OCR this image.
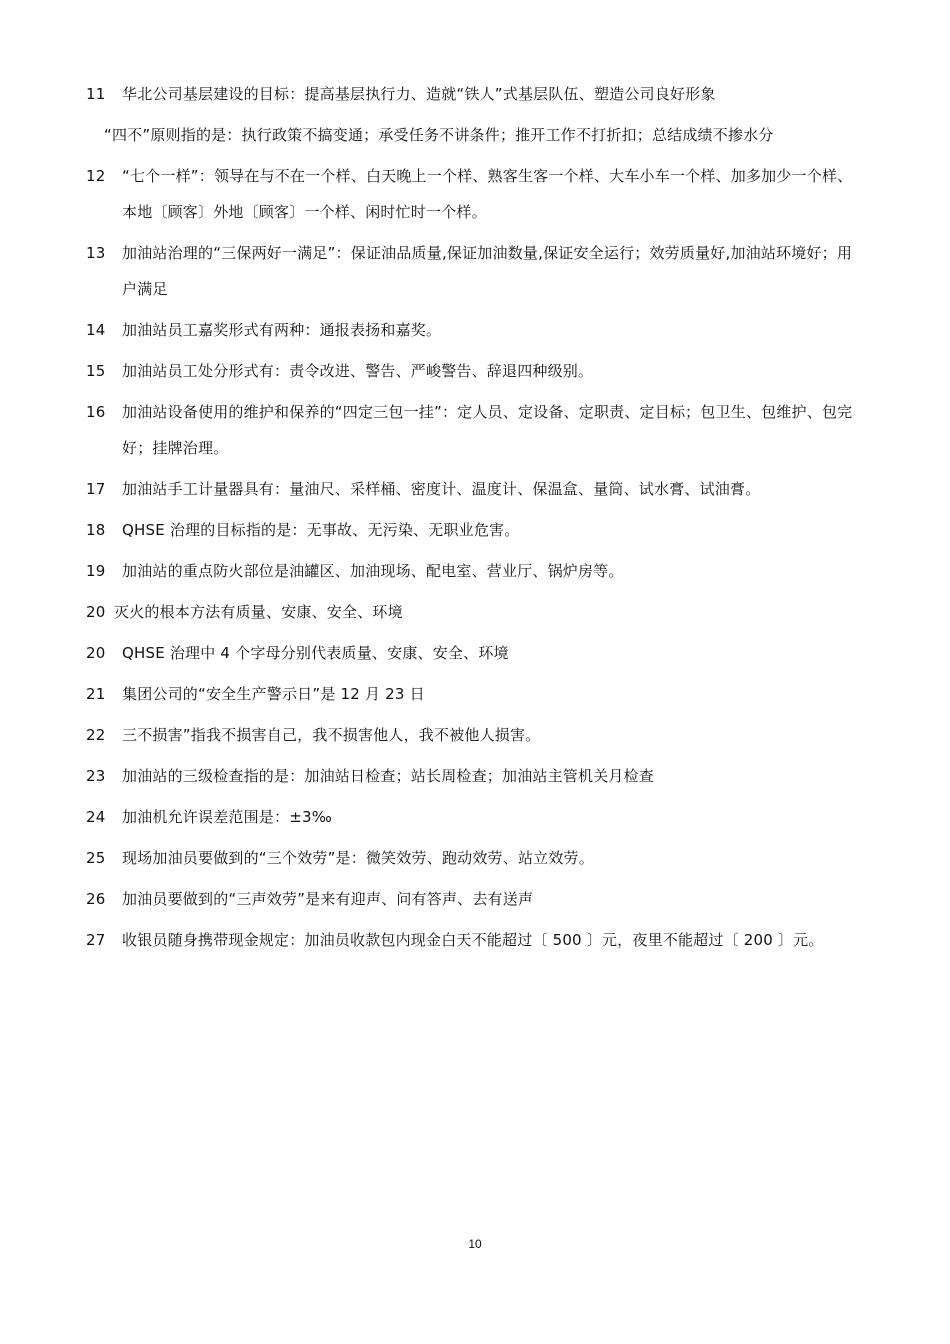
11	华北公司基层建设的目标：提高基层执行力、造就“铁人”式基层队伍、塑造公司良好形象
“四不”原则指的是：执行政策不搞变通；承受任务不讲条件；推开工作不打折扣；总结成绩不掺水分
12	“七个一样”：领导在与不在一个样、白天晚上一个样、熟客生客一个样、大车小车一个样、加多加少一个样、本地〔顾客〕外地〔顾客〕一个样、闲时忙时一个样。
13	加油站治理的“三保两好一满足”：保证油品质量,保证加油数量,保证安全运行；效劳质量好,加油站环境好；用户满足
14	加油站员工嘉奖形式有两种：通报表扬和嘉奖。
15	加油站员工处分形式有：责令改进、警告、严峻警告、辞退四种级别。
16	加油站设备使用的维护和保养的“四定三包一挂”：定人员、定设备、定职责、定目标；包卫生、包维护、包完好；挂牌治理。
17	加油站手工计量器具有：量油尺、采样桶、密度计、温度计、保温盒、量筒、试水膏、试油膏。
18	QHSE 治理的目标指的是：无事故、无污染、无职业危害。
19	加油站的重点防火部位是油罐区、加油现场、配电室、营业厅、锅炉房等。
20 灭火的根本方法有质量、安康、安全、环境
20	QHSE 治理中 4 个字母分别代表质量、安康、安全、环境
21	集团公司的“安全生产警示日”是 12 月 23 日
22	三不损害”指我不损害自己，我不损害他人，我不被他人损害。
23	加油站的三级检查指的是：加油站日检查；站长周检查；加油站主管机关月检查
24	加油机允许误差范围是：±3‰
25	现场加油员要做到的“三个效劳”是：微笑效劳、跑动效劳、站立效劳。
26	加油员要做到的“三声效劳”是来有迎声、问有答声、去有送声
27	收银员随身携带现金规定：加油员收款包内现金白天不能超过〔 500 〕元，夜里不能超过〔 200 〕元。
10
